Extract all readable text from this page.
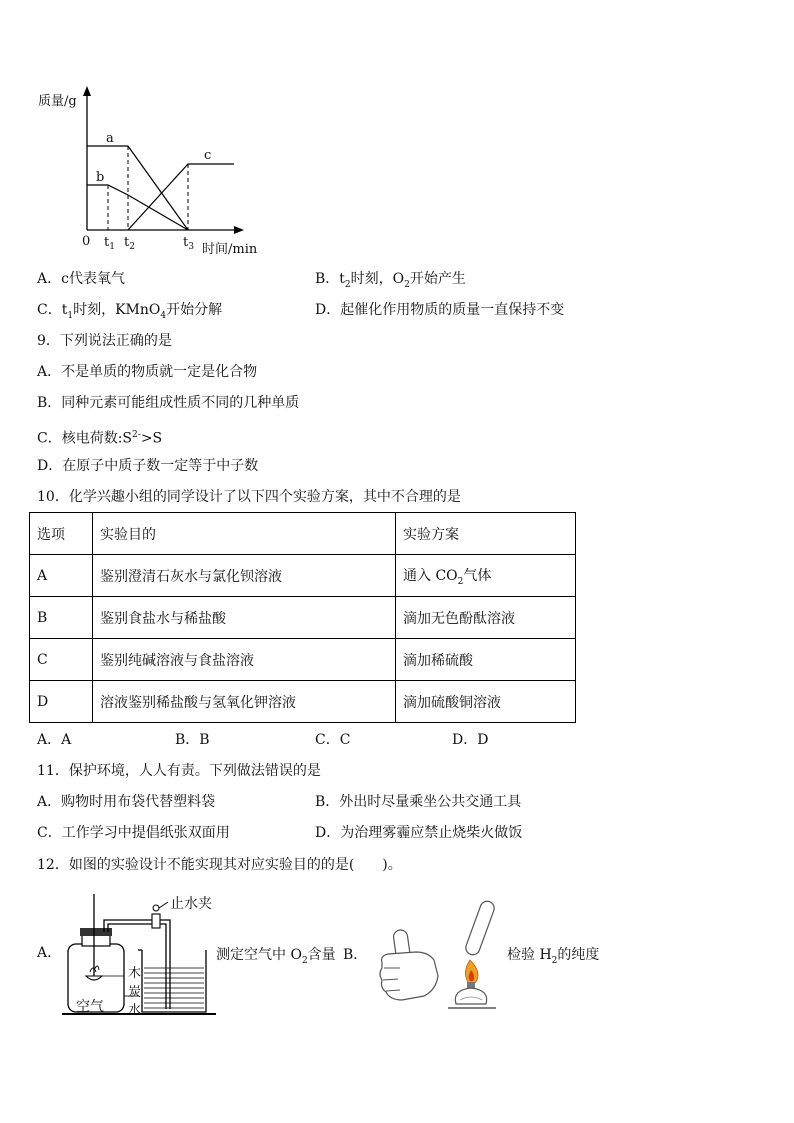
质量/g
a
b
c
0 $t_1$ $t_2$	$t_3$ 时间/min
A．c代表氧气	B．$t_2$时刻，$O_2$开始产生
C．$t_1$时刻，KMnO$_4$开始分解	D．起催化作用物质的质量一直保持不变
9．下列说法正确的是
A．不是单质的物质就一定是化合物
B．同种元素可能组成性质不同的几种单质
C．核电荷数$:S^{2-}>S$
D．在原子中质子数一定等于中子数
10．化学兴趣小组的同学设计了以下四个实验方案，其中不合理的是
选项	实验目的	实验方案
A	鉴别澄清石灰水与氯化钡溶液	通入 $CO_2$气体
B	鉴别食盐水与稀盐酸	滴加无色酚酞溶液
C	鉴别纯碱溶液与食盐溶液	滴加稀硫酸
D	溶液鉴别稀盐酸与氢氧化钾溶液	滴加硫酸铜溶液
A．A	B．B	C．C	D．D
11．保护环境，人人有责。下列做法错误的是
A．购物时用布袋代替塑料袋	B．外出时尽量乘坐公共交通工具
C．工作学习中提倡纸张双面用	D．为治理雾霾应禁止烧柴火做饭
12．如图的实验设计不能实现其对应实验目的的是(　　)。
A．
止水夹
木
炭
水
空气
测定空气中 $O_2$含量 B．	检验 $H_2$的纯度
